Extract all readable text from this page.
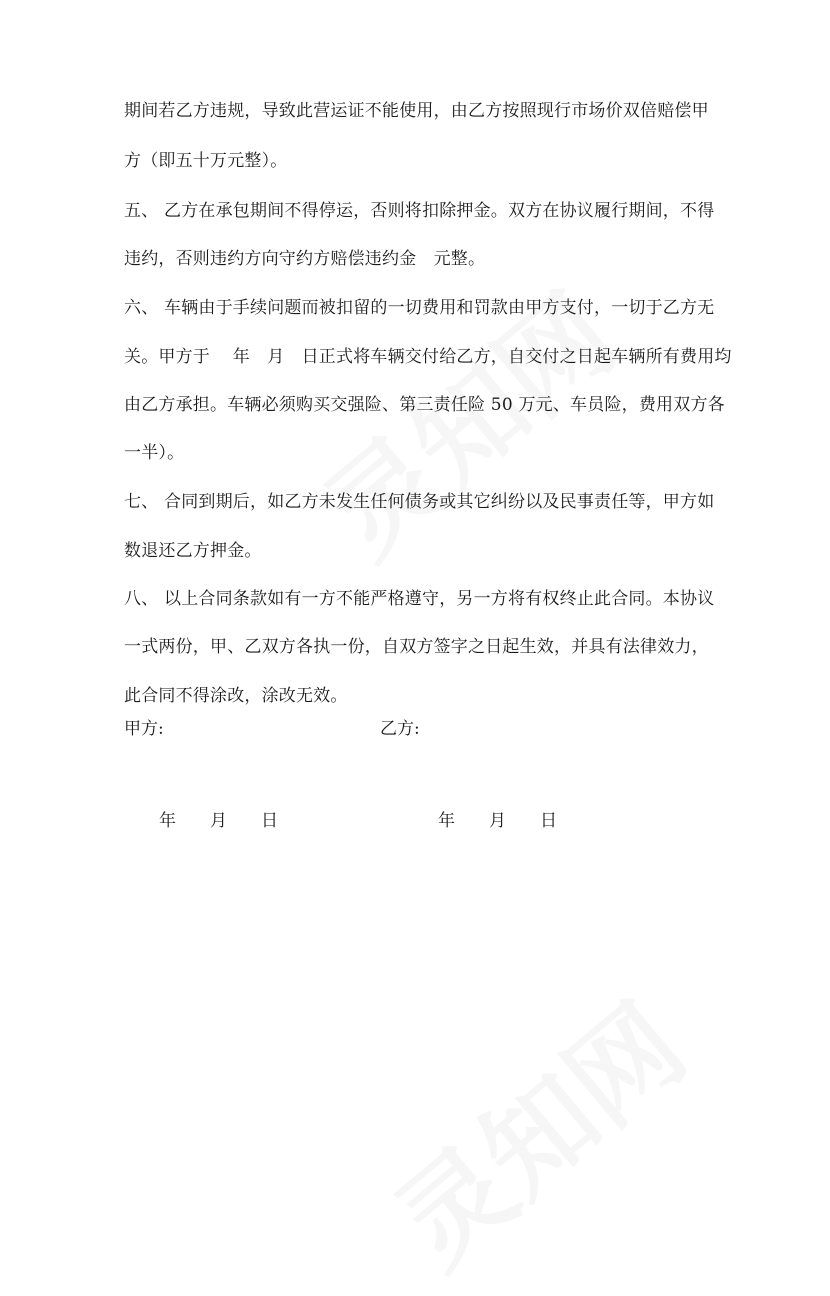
期间若乙方违规，导致此营运证不能使用，由乙方按照现行市场价双倍赔偿甲
方（即五十万元整）。
五、 乙方在承包期间不得停运，否则将扣除押金。双方在协议履行期间，不得
违约，否则违约方向守约方赔偿违约金　元整。
六、 车辆由于手续问题而被扣留的一切费用和罚款由甲方支付，一切于乙方无
关。甲方于　 年　月　日正式将车辆交付给乙方，自交付之日起车辆所有费用均
由乙方承担。车辆必须购买交强险、第三责任险 50 万元、车员险，费用双方各
一半）。
七、 合同到期后，如乙方未发生任何债务或其它纠纷以及民事责任等，甲方如
数退还乙方押金。
八、 以上合同条款如有一方不能严格遵守，另一方将有权终止此合同。本协议
一式两份，甲、乙双方各执一份，自双方签字之日起生效，并具有法律效力，
此合同不得涂改，涂改无效。
甲方:	乙方:
年　　月　　日	年　　月　　日
